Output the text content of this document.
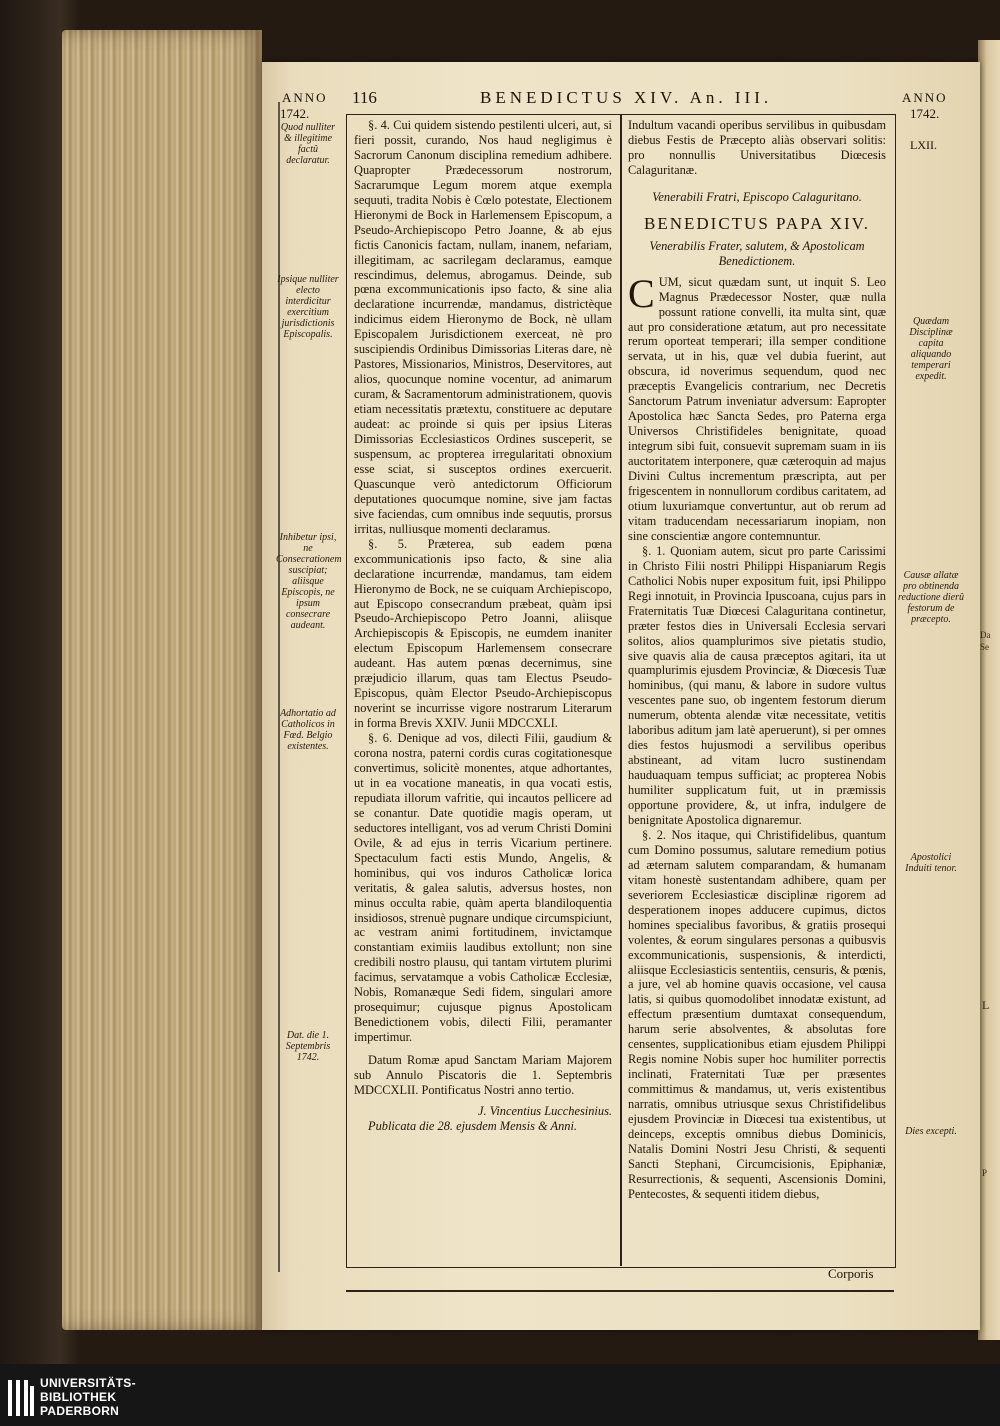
Da
Se
L
P
ANNO
1742.
116	BENEDICTUS XIV. An. III.	ANNO
1742.
LXII.
Quod nulliter & illegitime factû declaratur.
Ipsique nulliter electo interdicitur exercitium jurisdictionis Episcopalis.
Inhibetur ipsi, ne Consecrationem suscipiat; aliisque Episcopis, ne ipsum consecrare audeant.
Adhortatio ad Catholicos in Fœd. Belgio existentes.
Dat. die 1. Septembris 1742.
Quædam Disciplinæ capita aliquando temperari expedit.
Causæ allatæ pro obtinenda reductione dierû festorum de præcepto.
Apostolici Induiti tenor.
Dies excepti.

§. 4. Cui quidem sistendo pestilenti ulceri, aut, si fieri possit, curando, Nos haud negligimus è Sacrorum Canonum disciplina remedium adhibere. Quapropter Prædecessorum nostrorum, Sacrarumque Legum morem atque exempla sequuti, tradita Nobis è Cœlo potestate, Electionem Hieronymi de Bock in Harlemensem Episcopum, a Pseudo-Archiepiscopo Petro Joanne, & ab ejus fictis Canonicis factam, nullam, inanem, nefariam, illegitimam, ac sacrilegam declaramus, eamque rescindimus, delemus, abrogamus. Deinde, sub pœna excommunicationis ipso facto, & sine alia declaratione incurrendæ, mandamus, districtèque indicimus eidem Hieronymo de Bock, nè ullam Episcopalem Jurisdictionem exerceat, nè pro suscipiendis Ordinibus Dimissorias Literas dare, nè Pastores, Missionarios, Ministros, Deservitores, aut alios, quocunque nomine vocentur, ad animarum curam, & Sacramentorum administrationem, quovis etiam necessitatis prætextu, constituere ac deputare audeat: ac proinde si quis per ipsius Literas Dimissorias Ecclesiasticos Ordines susceperit, se suspensum, ac propterea irregularitati obnoxium esse sciat, si susceptos ordines exercuerit. Quascunque verò antedictorum Officiorum deputationes quocumque nomine, sive jam factas sive faciendas, cum omnibus inde sequutis, prorsus irritas, nulliusque momenti declaramus.

§. 5. Præterea, sub eadem pœna excommunicationis ipso facto, & sine alia declaratione incurrendæ, mandamus, tam eidem Hieronymo de Bock, ne se cuiquam Archiepiscopo, aut Episcopo consecrandum præbeat, quàm ipsi Pseudo-Archiepiscopo Petro Joanni, aliisque Archiepiscopis & Episcopis, ne eumdem inaniter electum Episcopum Harlemensem consecrare audeant. Has autem pœnas decernimus, sine præjudicio illarum, quas tam Electus Pseudo-Episcopus, quàm Elector Pseudo-Archiepiscopus noverint se incurrisse vigore nostrarum Literarum in forma Brevis XXIV. Junii MDCCXLI.

§. 6. Denique ad vos, dilecti Filii, gaudium & corona nostra, paterni cordis curas cogitationesque convertimus, solicitè monentes, atque adhortantes, ut in ea vocatione maneatis, in qua vocati estis, repudiata illorum vafritie, qui incautos pellicere ad se conantur. Date quotidie magis operam, ut seductores intelligant, vos ad verum Christi Domini Ovile, & ad ejus in terris Vicarium pertinere. Spectaculum facti estis Mundo, Angelis, & hominibus, qui vos induros Catholicæ lorica veritatis, & galea salutis, adversus hostes, non minus occulta rabie, quàm aperta blandiloquentia insidiosos, strenuè pugnare undique circumspiciunt, ac vestram animi fortitudinem, invictamque constantiam eximiis laudibus extollunt; non sine credibili nostro plausu, qui tantam virtutem plurimi facimus, servatamque a vobis Catholicæ Ecclesiæ, Nobis, Romanæque Sedi fidem, singulari amore prosequimur; cujusque pignus Apostolicam Benedictionem vobis, dilecti Filii, peramanter impertimur.

Datum Romæ apud Sanctam Mariam Majorem sub Annulo Piscatoris die 1. Septembris MDCCXLII. Pontificatus Nostri anno tertio.

J. Vincentius Lucchesinius.

Publicata die 28. ejusdem Mensis & Anni.

Indultum vacandi operibus servilibus in quibusdam diebus Festis de Præcepto aliàs observari solitis: pro nonnullis Universitatibus Diœcesis Calaguritanæ.

Venerabili Fratri, Episcopo Calaguritano.

BENEDICTUS PAPA XIV.

Venerabilis Frater, salutem, & Apostolicam Benedictionem.

CUM, sicut quædam sunt, ut inquit S. Leo Magnus Prædecessor Noster, quæ nulla possunt ratione convelli, ita multa sint, quæ aut pro consideratione ætatum, aut pro necessitate rerum oporteat temperari; illa semper conditione servata, ut in his, quæ vel dubia fuerint, aut obscura, id noverimus sequendum, quod nec præceptis Evangelicis contrarium, nec Decretis Sanctorum Patrum inveniatur adversum: Eapropter Apostolica hæc Sancta Sedes, pro Paterna erga Universos Christifideles benignitate, quoad integrum sibi fuit, consuevit supremam suam in iis auctoritatem interponere, quæ cæteroquin ad majus Divini Cultus incrementum præscripta, aut per frigescentem in nonnullorum cordibus caritatem, ad otium luxuriamque convertuntur, aut ob rerum ad vitam traducendam necessariarum inopiam, non sine conscientiæ angore contemnuntur.

§. 1. Quoniam autem, sicut pro parte Carissimi in Christo Filii nostri Philippi Hispaniarum Regis Catholici Nobis nuper expositum fuit, ipsi Philippo Regi innotuit, in Provincia Ipuscoana, cujus pars in Fraternitatis Tuæ Diœcesi Calaguritana continetur, præter festos dies in Universali Ecclesia servari solitos, alios quamplurimos sive pietatis studio, sive quavis alia de causa præceptos agitari, ita ut quamplurimis ejusdem Provinciæ, & Diœcesis Tuæ hominibus, (qui manu, & labore in sudore vultus vescentes pane suo, ob ingentem festorum dierum numerum, obtenta alendæ vitæ necessitate, vetitis laboribus aditum jam latè aperuerunt), si per omnes dies festos hujusmodi a servilibus operibus abstineant, ad vitam lucro sustinendam hauduaquam tempus sufficiat; ac propterea Nobis humiliter supplicatum fuit, ut in præmissis opportune providere, &, ut infra, indulgere de benignitate Apostolica dignaremur.

§. 2. Nos itaque, qui Christifidelibus, quantum cum Domino possumus, salutare remedium potius ad æternam salutem comparandam, & humanam vitam honestè sustentandam adhibere, quam per severiorem Ecclesiasticæ disciplinæ rigorem ad desperationem inopes adducere cupimus, dictos homines specialibus favoribus, & gratiis prosequi volentes, & eorum singulares personas a quibusvis excommunicationis, suspensionis, & interdicti, aliisque Ecclesiasticis sententiis, censuris, & pœnis, a jure, vel ab homine quavis occasione, vel causa latis, si quibus quomodolibet innodatæ existunt, ad effectum præsentium dumtaxat consequendum, harum serie absolventes, & absolutas fore censentes, supplicationibus etiam ejusdem Philippi Regis nomine Nobis super hoc humiliter porrectis inclinati, Fraternitati Tuæ per præsentes committimus & mandamus, ut, veris existentibus narratis, omnibus utriusque sexus Christifidelibus ejusdem Provinciæ in Diœcesi tua existentibus, ut deinceps, exceptis omnibus diebus Dominicis, Natalis Domini Nostri Jesu Christi, & sequenti Sancti Stephani, Circumcisionis, Epiphaniæ, Resurrectionis, & sequenti, Ascensionis Domini, Pentecostes, & sequenti itidem diebus,

Corporis
UNIVERSITÄTS-
BIBLIOTHEK
PADERBORN
